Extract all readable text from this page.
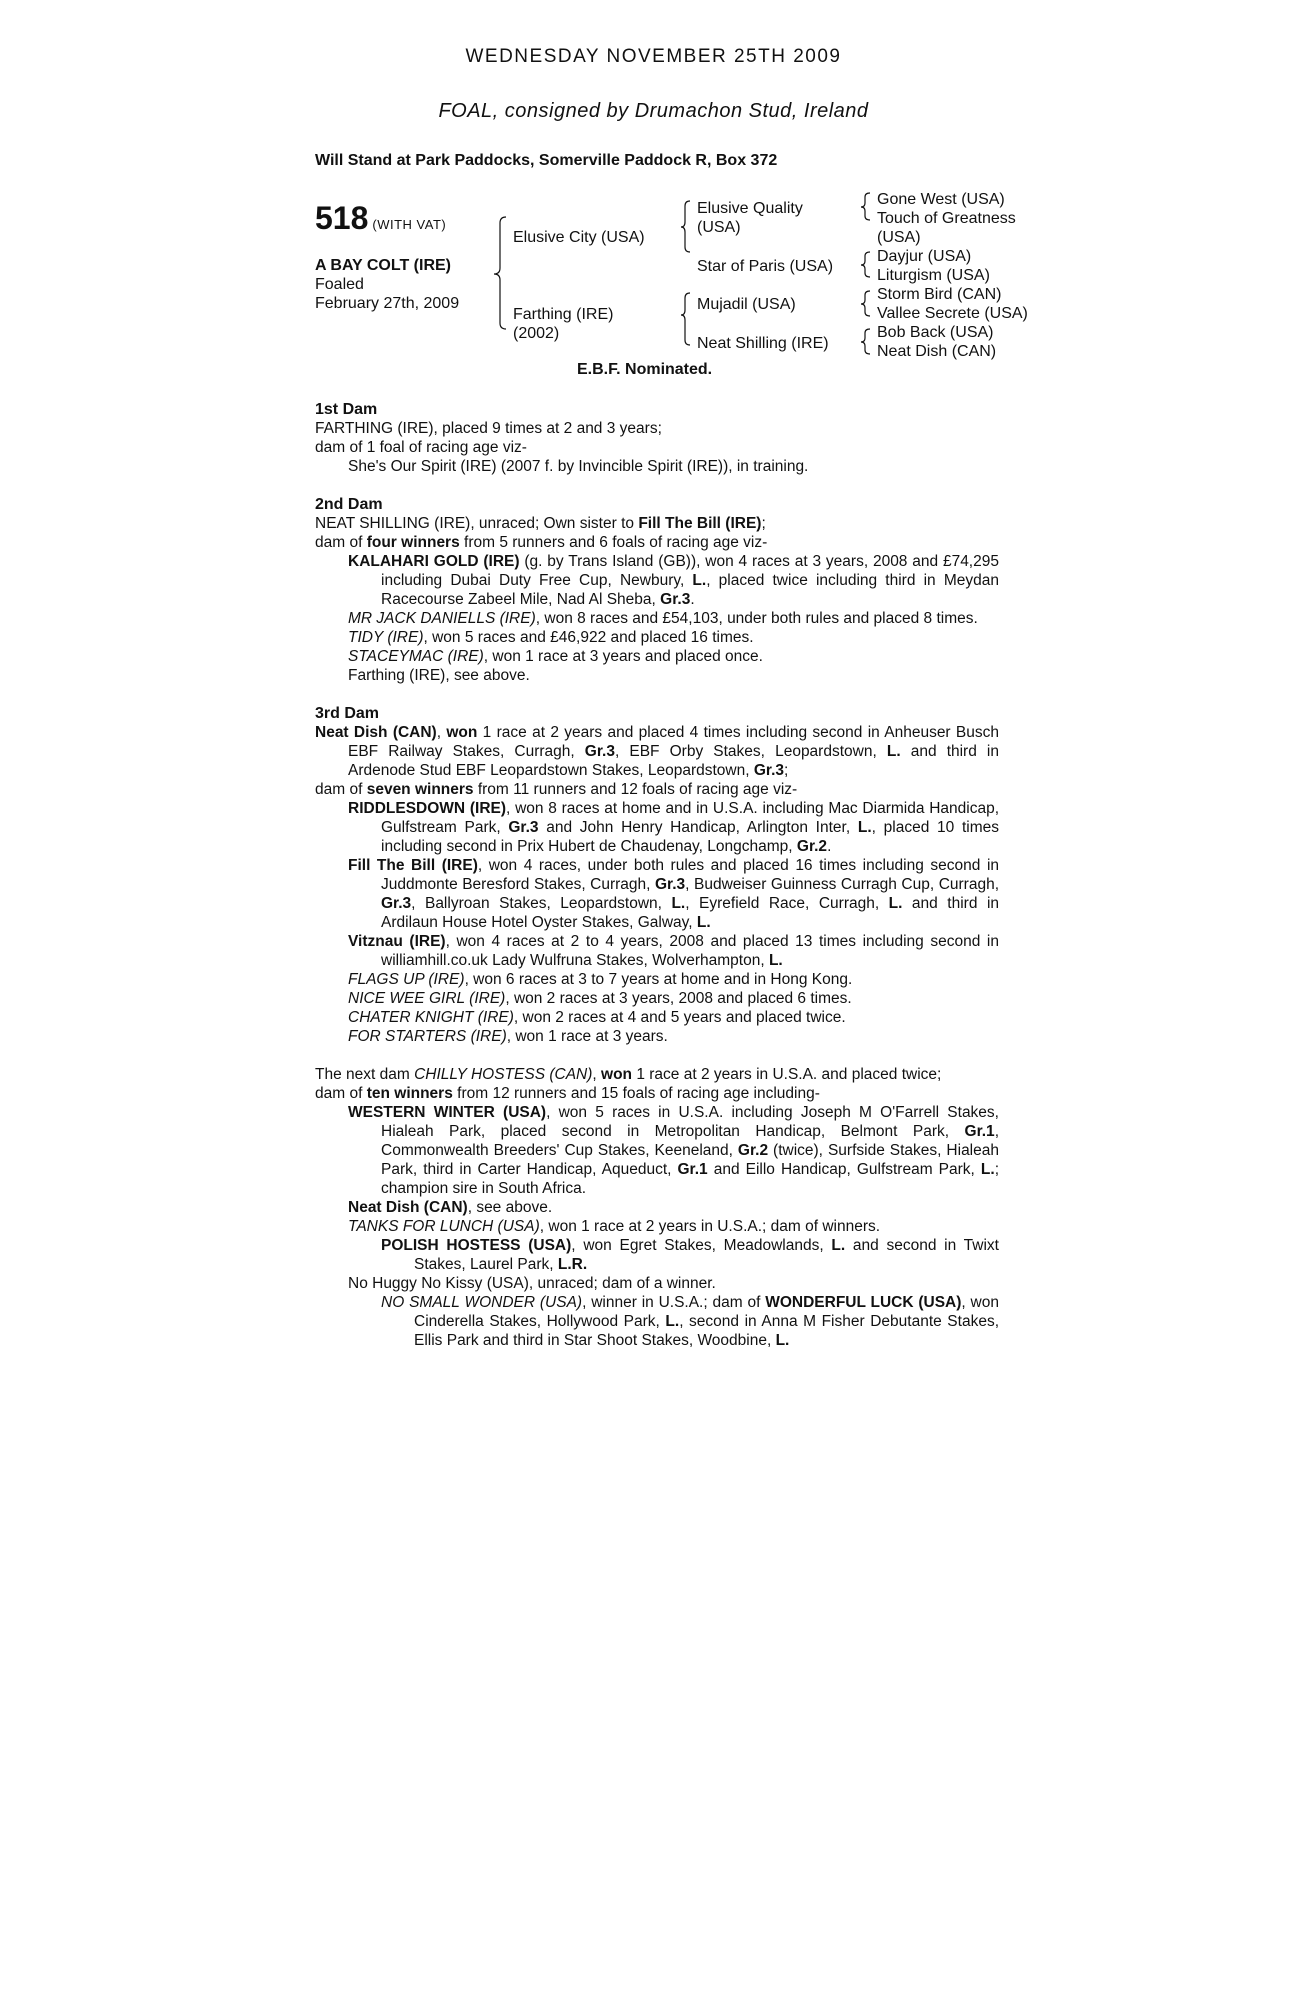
WEDNESDAY NOVEMBER 25TH 2009
FOAL, consigned by Drumachon Stud, Ireland
Will Stand at Park Paddocks, Somerville Paddock R, Box 372
518 (WITH VAT)
A BAY COLT (IRE)
Foaled
February 27th, 2009
Elusive City (USA)
Farthing (IRE)
(2002)
Elusive Quality
(USA)
Star of Paris (USA)
Mujadil (USA)
Neat Shilling (IRE)
Gone West (USA)
Touch of Greatness
(USA)
Dayjur (USA)
Liturgism (USA)
Storm Bird (CAN)
Vallee Secrete (USA)
Bob Back (USA)
Neat Dish (CAN)
E.B.F. Nominated.

1st Dam

FARTHING (IRE), placed 9 times at 2 and 3 years;

dam of 1 foal of racing age viz-

She's Our Spirit (IRE) (2007 f. by Invincible Spirit (IRE)), in training.

2nd Dam

NEAT SHILLING (IRE), unraced; Own sister to Fill The Bill (IRE);

dam of four winners from 5 runners and 6 foals of racing age viz-

KALAHARI GOLD (IRE) (g. by Trans Island (GB)), won 4 races at 3 years, 2008 and £74,295 including Dubai Duty Free Cup, Newbury, L., placed twice including third in Meydan Racecourse Zabeel Mile, Nad Al Sheba, Gr.3.

MR JACK DANIELLS (IRE), won 8 races and £54,103, under both rules and placed 8 times.

TIDY (IRE), won 5 races and £46,922 and placed 16 times.

STACEYMAC (IRE), won 1 race at 3 years and placed once.

Farthing (IRE), see above.

3rd Dam

Neat Dish (CAN), won 1 race at 2 years and placed 4 times including second in Anheuser Busch EBF Railway Stakes, Curragh, Gr.3, EBF Orby Stakes, Leopardstown, L. and third in Ardenode Stud EBF Leopardstown Stakes, Leopardstown, Gr.3;

dam of seven winners from 11 runners and 12 foals of racing age viz-

RIDDLESDOWN (IRE), won 8 races at home and in U.S.A. including Mac Diarmida Handicap, Gulfstream Park, Gr.3 and John Henry Handicap, Arlington Inter, L., placed 10 times including second in Prix Hubert de Chaudenay, Longchamp, Gr.2.

Fill The Bill (IRE), won 4 races, under both rules and placed 16 times including second in Juddmonte Beresford Stakes, Curragh, Gr.3, Budweiser Guinness Curragh Cup, Curragh, Gr.3, Ballyroan Stakes, Leopardstown, L., Eyrefield Race, Curragh, L. and third in Ardilaun House Hotel Oyster Stakes, Galway, L.

Vitznau (IRE), won 4 races at 2 to 4 years, 2008 and placed 13 times including second in williamhill.co.uk Lady Wulfruna Stakes, Wolverhampton, L.

FLAGS UP (IRE), won 6 races at 3 to 7 years at home and in Hong Kong.

NICE WEE GIRL (IRE), won 2 races at 3 years, 2008 and placed 6 times.

CHATER KNIGHT (IRE), won 2 races at 4 and 5 years and placed twice.

FOR STARTERS (IRE), won 1 race at 3 years.

The next dam CHILLY HOSTESS (CAN), won 1 race at 2 years in U.S.A. and placed twice;

dam of ten winners from 12 runners and 15 foals of racing age including-

WESTERN WINTER (USA), won 5 races in U.S.A. including Joseph M O'Farrell Stakes, Hialeah Park, placed second in Metropolitan Handicap, Belmont Park, Gr.1, Commonwealth Breeders' Cup Stakes, Keeneland, Gr.2 (twice), Surfside Stakes, Hialeah Park, third in Carter Handicap, Aqueduct, Gr.1 and Eillo Handicap, Gulfstream Park, L.; champion sire in South Africa.

Neat Dish (CAN), see above.

TANKS FOR LUNCH (USA), won 1 race at 2 years in U.S.A.; dam of winners.

POLISH HOSTESS (USA), won Egret Stakes, Meadowlands, L. and second in Twixt Stakes, Laurel Park, L.R.

No Huggy No Kissy (USA), unraced; dam of a winner.

NO SMALL WONDER (USA), winner in U.S.A.; dam of WONDERFUL LUCK (USA), won Cinderella Stakes, Hollywood Park, L., second in Anna M Fisher Debutante Stakes, Ellis Park and third in Star Shoot Stakes, Woodbine, L.
